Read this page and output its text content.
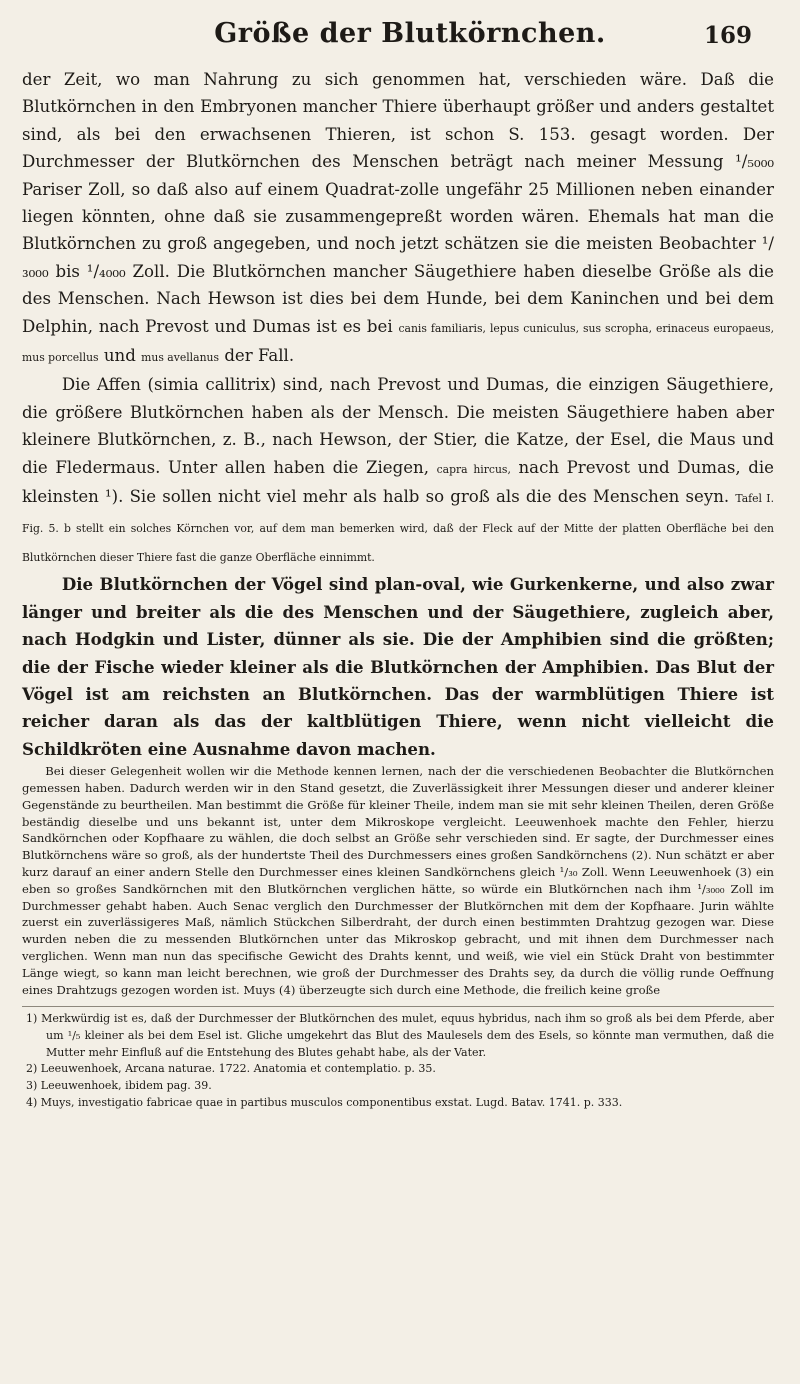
Größe der Blutkörnchen.	169

der Zeit, wo man Nahrung zu sich genommen hat, verschieden wäre. Daß die Blutkörnchen in den Embryonen mancher Thiere überhaupt größer und anders gestaltet sind, als bei den erwachsenen Thieren, ist schon S. 153. gesagt worden. Der Durchmesser der Blutkörnchen des Menschen beträgt nach meiner Messung ¹/₅₀₀₀ Pariser Zoll, so daß also auf einem Quadrat-zolle ungefähr 25 Millionen neben einander liegen könnten, ohne daß sie zusammengepreßt worden wären. Ehemals hat man die Blutkörnchen zu groß angegeben, und noch jetzt schätzen sie die meisten Beobachter ¹/₃₀₀₀ bis ¹/₄₀₀₀ Zoll. Die Blutkörnchen mancher Säugethiere haben dieselbe Größe als die des Menschen. Nach Hewson ist dies bei dem Hunde, bei dem Kaninchen und bei dem Delphin, nach Prevost und Dumas ist es bei canis familiaris, lepus cuniculus, sus scropha, erinaceus europaeus, mus porcellus und mus avellanus der Fall.

Die Affen (simia callitrix) sind, nach Prevost und Dumas, die einzigen Säugethiere, die größere Blutkörnchen haben als der Mensch. Die meisten Säugethiere haben aber kleinere Blutkörnchen, z. B., nach Hewson, der Stier, die Katze, der Esel, die Maus und die Fledermaus. Unter allen haben die Ziegen, capra hircus, nach Prevost und Dumas, die kleinsten ¹). Sie sollen nicht viel mehr als halb so groß als die des Menschen seyn. Tafel I. Fig. 5. b stellt ein solches Körnchen vor, auf dem man bemerken wird, daß der Fleck auf der Mitte der platten Oberfläche bei den Blutkörnchen dieser Thiere fast die ganze Oberfläche einnimmt.

Die Blutkörnchen der Vögel sind plan-oval, wie Gurkenkerne, und also zwar länger und breiter als die des Menschen und der Säugethiere, zugleich aber, nach Hodgkin und Lister, dünner als sie. Die der Amphibien sind die größten; die der Fische wieder kleiner als die Blutkörnchen der Amphibien. Das Blut der Vögel ist am reichsten an Blutkörnchen. Das der warmblütigen Thiere ist reicher daran als das der kaltblütigen Thiere, wenn nicht vielleicht die Schildkröten eine Ausnahme davon machen.

Bei dieser Gelegenheit wollen wir die Methode kennen lernen, nach der die verschiedenen Beobachter die Blutkörnchen gemessen haben. Dadurch werden wir in den Stand gesetzt, die Zuverlässigkeit ihrer Messungen dieser und anderer kleiner Gegenstände zu beurtheilen. Man bestimmt die Größe für kleiner Theile, indem man sie mit sehr kleinen Theilen, deren Größe beständig dieselbe und uns bekannt ist, unter dem Mikroskope vergleicht. Leeuwenhoek machte den Fehler, hierzu Sandkörnchen oder Kopfhaare zu wählen, die doch selbst an Größe sehr verschieden sind. Er sagte, der Durchmesser eines Blutkörnchens wäre so groß, als der hundertste Theil des Durchmessers eines großen Sandkörnchens (2). Nun schätzt er aber kurz darauf an einer andern Stelle den Durchmesser eines kleinen Sandkörnchens gleich ¹/₃₀ Zoll. Wenn Leeuwenhoek (3) ein eben so großes Sandkörnchen mit den Blutkörnchen verglichen hätte, so würde ein Blutkörnchen nach ihm ¹/₃₀₀₀ Zoll im Durchmesser gehabt haben. Auch Senac verglich den Durchmesser der Blutkörnchen mit dem der Kopfhaare. Jurin wählte zuerst ein zuverlässigeres Maß, nämlich Stückchen Silberdraht, der durch einen bestimmten Drahtzug gezogen war. Diese wurden neben die zu messenden Blutkörnchen unter das Mikroskop gebracht, und mit ihnen dem Durchmesser nach verglichen. Wenn man nun das specifische Gewicht des Drahts kennt, und weiß, wie viel ein Stück Draht von bestimmter Länge wiegt, so kann man leicht berechnen, wie groß der Durchmesser des Drahts sey, da durch die völlig runde Oeffnung eines Drahtzugs gezogen worden ist. Muys (4) überzeugte sich durch eine Methode, die freilich keine große

1) Merkwürdig ist es, daß der Durchmesser der Blutkörnchen des mulet, equus hybridus, nach ihm so groß als bei dem Pferde, aber um ¹/₅ kleiner als bei dem Esel ist. Gliche umgekehrt das Blut des Maulesels dem des Esels, so könnte man vermuthen, daß die Mutter mehr Einfluß auf die Entstehung des Blutes gehabt habe, als der Vater.

2) Leeuwenhoek, Arcana naturae. 1722. Anatomia et contemplatio. p. 35.

3) Leeuwenhoek, ibidem pag. 39.

4) Muys, investigatio fabricae quae in partibus musculos componentibus exstat. Lugd. Batav. 1741. p. 333.
